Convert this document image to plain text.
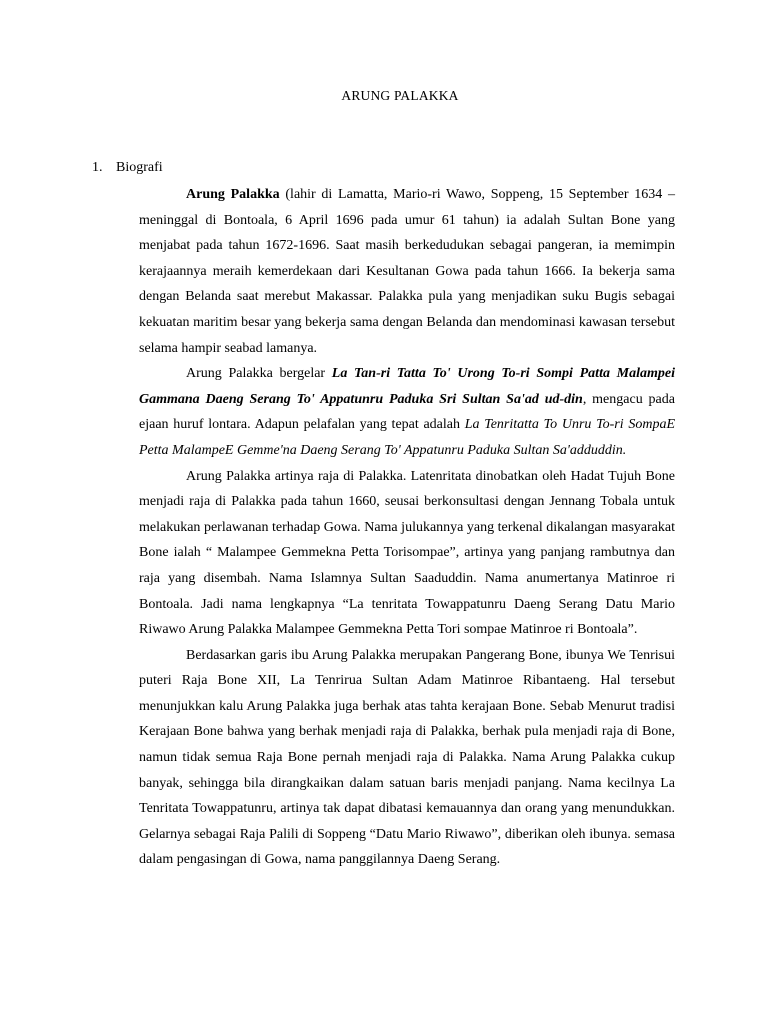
ARUNG PALAKKA
1. Biografi

Arung Palakka (lahir di Lamatta, Mario-ri Wawo, Soppeng, 15 September 1634 – meninggal di Bontoala, 6 April 1696 pada umur 61 tahun) ia adalah Sultan Bone yang menjabat pada tahun 1672-1696. Saat masih berkedudukan sebagai pangeran, ia memimpin kerajaannya meraih kemerdekaan dari Kesultanan Gowa pada tahun 1666. Ia bekerja sama dengan Belanda saat merebut Makassar. Palakka pula yang menjadikan suku Bugis sebagai kekuatan maritim besar yang bekerja sama dengan Belanda dan mendominasi kawasan tersebut selama hampir seabad lamanya.

Arung Palakka bergelar La Tan-ri Tatta To' Urong To-ri Sompi Patta Malampei Gammana Daeng Serang To' Appatunru Paduka Sri Sultan Sa'ad ud-din, mengacu pada ejaan huruf lontara. Adapun pelafalan yang tepat adalah La Tenritatta To Unru To-ri SompaE Petta MalampeE Gemme'na Daeng Serang To' Appatunru Paduka Sultan Sa'adduddin.

Arung Palakka artinya raja di Palakka. Latenritata dinobatkan oleh Hadat Tujuh Bone menjadi raja di Palakka pada tahun 1660, seusai berkonsultasi dengan Jennang Tobala untuk melakukan perlawanan terhadap Gowa. Nama julukannya yang terkenal dikalangan masyarakat Bone ialah “ Malampee Gemmekna Petta Torisompae”, artinya yang panjang rambutnya dan raja yang disembah. Nama Islamnya Sultan Saaduddin. Nama anumertanya Matinroe ri Bontoala. Jadi nama lengkapnya “La tenritata Towappatunru Daeng Serang Datu Mario Riwawo Arung Palakka Malampee Gemmekna Petta Tori sompae Matinroe ri Bontoala”.

Berdasarkan garis ibu Arung Palakka merupakan Pangerang Bone, ibunya We Tenrisui puteri Raja Bone XII, La Tenrirua Sultan Adam Matinroe Ribantaeng. Hal tersebut menunjukkan kalu Arung Palakka juga berhak atas tahta kerajaan Bone. Sebab Menurut tradisi Kerajaan Bone bahwa yang berhak menjadi raja di Palakka, berhak pula menjadi raja di Bone, namun tidak semua Raja Bone pernah menjadi raja di Palakka. Nama Arung Palakka cukup banyak, sehingga bila dirangkaikan dalam satuan baris menjadi panjang. Nama kecilnya La Tenritata Towappatunru, artinya tak dapat dibatasi kemauannya dan orang yang menundukkan. Gelarnya sebagai Raja Palili di Soppeng “Datu Mario Riwawo”, diberikan oleh ibunya. semasa dalam pengasingan di Gowa, nama panggilannya Daeng Serang.
